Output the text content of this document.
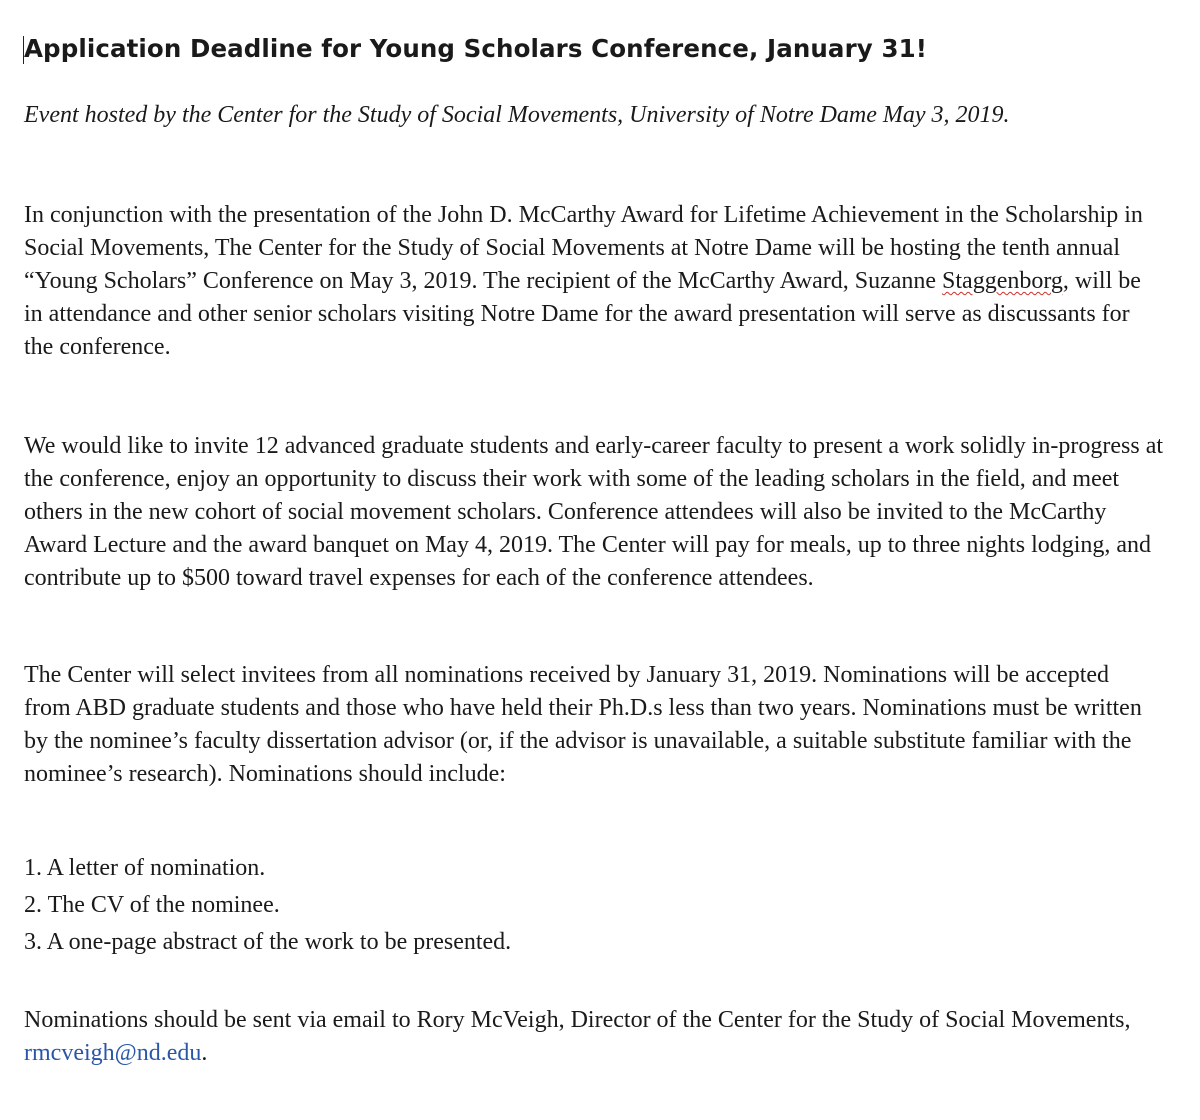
Application Deadline for Young Scholars Conference, January 31!

Event hosted by the Center for the Study of Social Movements, University of Notre Dame May 3, 2019.

In conjunction with the presentation of the John D. McCarthy Award for Lifetime Achievement in the Scholarship in Social Movements, The Center for the Study of Social Movements at Notre Dame will be hosting the tenth annual “Young Scholars” Conference on May 3, 2019. The recipient of the McCarthy Award, Suzanne Staggenborg, will be in attendance and other senior scholars visiting Notre Dame for the award presentation will serve as discussants for the conference.

We would like to invite 12 advanced graduate students and early-career faculty to present a work solidly in-progress at the conference, enjoy an opportunity to discuss their work with some of the leading scholars in the field, and meet others in the new cohort of social movement scholars. Conference attendees will also be invited to the McCarthy Award Lecture and the award banquet on May 4, 2019. The Center will pay for meals, up to three nights lodging, and contribute up to $500 toward travel expenses for each of the conference attendees.

The Center will select invitees from all nominations received by January 31, 2019. Nominations will be accepted from ABD graduate students and those who have held their Ph.D.s less than two years. Nominations must be written by the nominee’s faculty dissertation advisor (or, if the advisor is unavailable, a suitable substitute familiar with the nominee’s research). Nominations should include:

1. A letter of nomination.

2. The CV of the nominee.

3. A one-page abstract of the work to be presented.

Nominations should be sent via email to Rory McVeigh, Director of the Center for the Study of Social Movements, rmcveigh@nd.edu.
